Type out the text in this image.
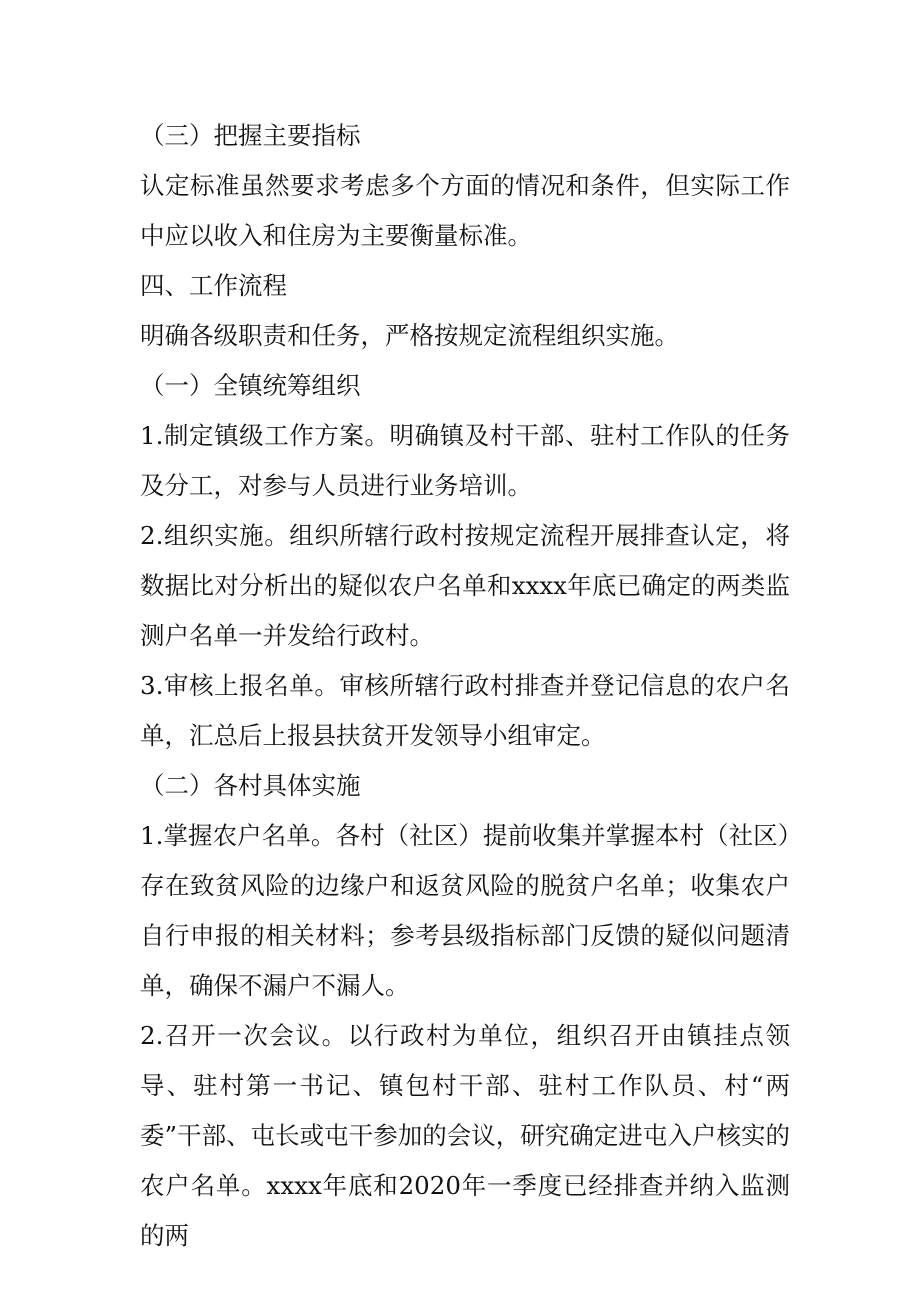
（三）把握主要指标

认定标准虽然要求考虑多个方面的情况和条件，但实际工作中应以收入和住房为主要衡量标准。

四、工作流程

明确各级职责和任务，严格按规定流程组织实施。

（一）全镇统筹组织

1.制定镇级工作方案。明确镇及村干部、驻村工作队的任务及分工，对参与人员进行业务培训。

2.组织实施。组织所辖行政村按规定流程开展排查认定，将数据比对分析出的疑似农户名单和xxxx年底已确定的两类监测户名单一并发给行政村。

3.审核上报名单。审核所辖行政村排查并登记信息的农户名单，汇总后上报县扶贫开发领导小组审定。

（二）各村具体实施

1.掌握农户名单。各村（社区）提前收集并掌握本村（社区）存在致贫风险的边缘户和返贫风险的脱贫户名单；收集农户自行申报的相关材料；参考县级指标部门反馈的疑似问题清单，确保不漏户不漏人。

2.召开一次会议。以行政村为单位，组织召开由镇挂点领导、驻村第一书记、镇包村干部、驻村工作队员、村“两委”干部、屯长或屯干参加的会议，研究确定进屯入户核实的农户名单。xxxx年底和2020年一季度已经排查并纳入监测的两
